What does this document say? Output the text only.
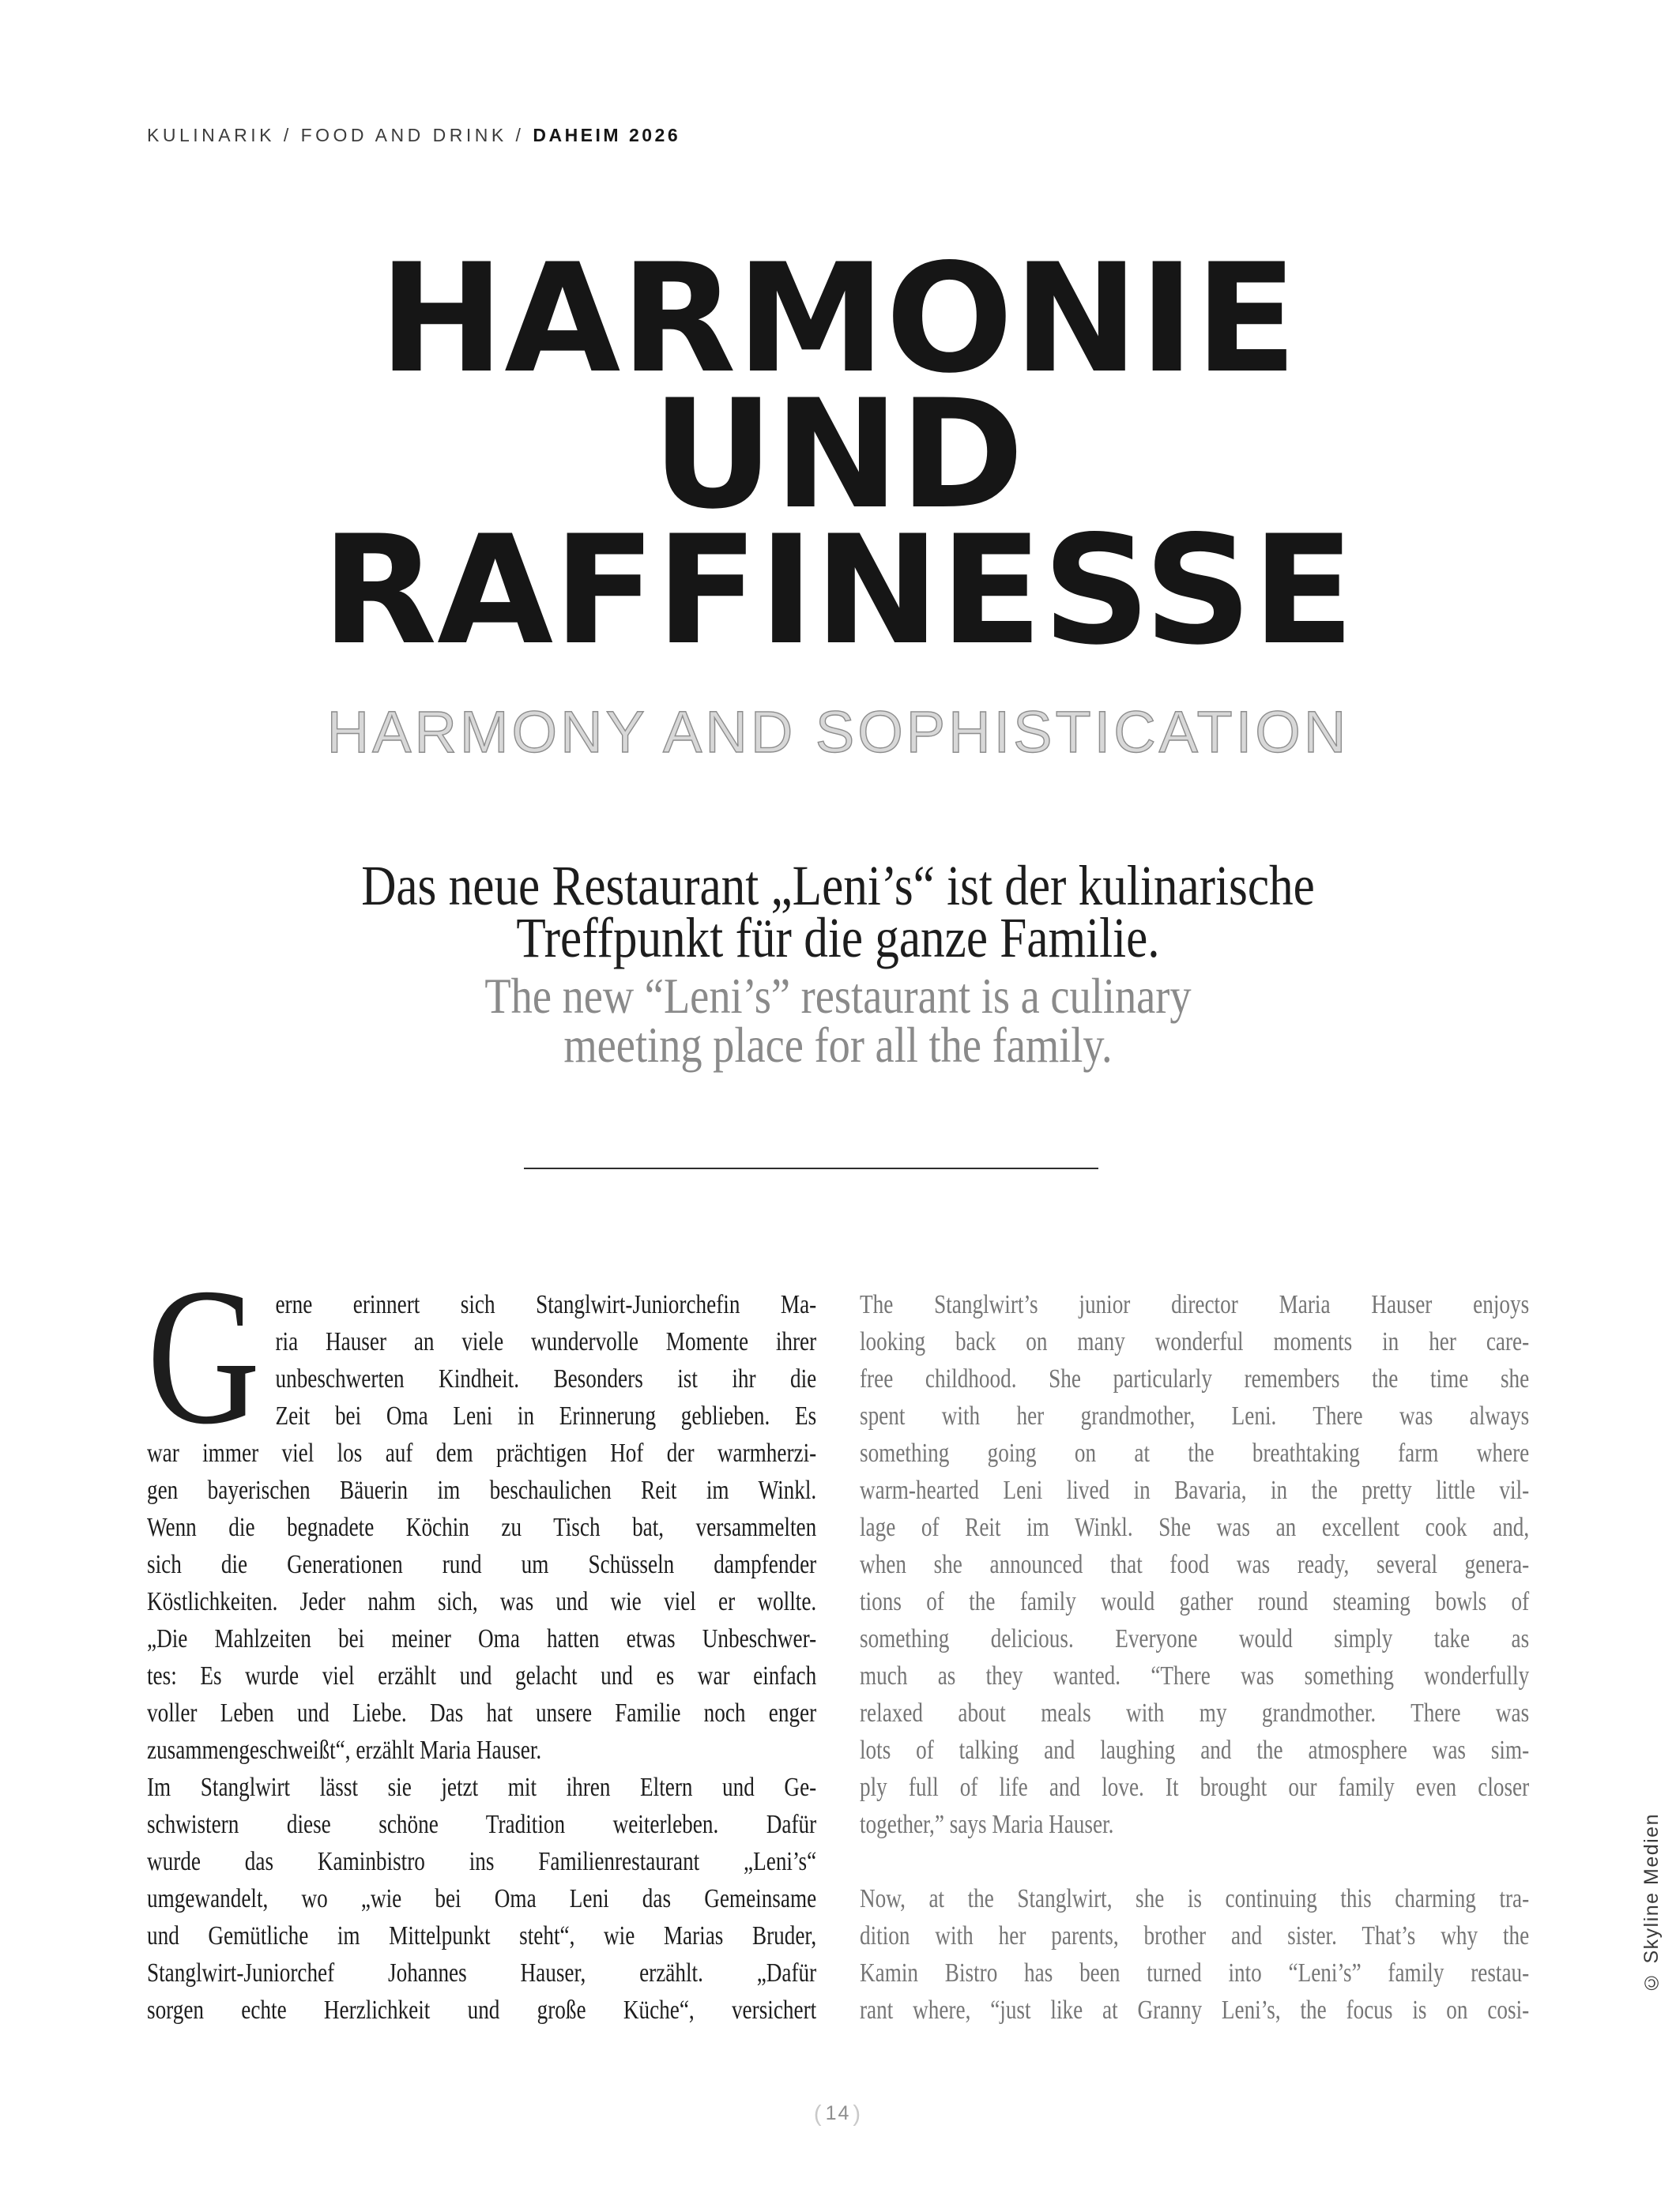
KULINARIK / FOOD AND DRINK / DAHEIM 2026
HARMONIE
UND
RAFFINESSE
HARMONY AND SOPHISTICATION

Das neue Restaurant „Leni’s“ ist der kulinarische
Treffpunkt für die ganze Familie.

The new “Leni’s” restaurant is a culinary
meeting place for all the family.

G erne erinnert sich Stanglwirt-Juniorchefin Ma-
ria Hauser an viele wundervolle Momente ihrer
unbeschwerten Kindheit. Besonders ist ihr die
Zeit bei Oma Leni in Erinnerung geblieben. Es
war immer viel los auf dem prächtigen Hof der warmherzi-
gen bayerischen Bäuerin im beschaulichen Reit im Winkl.
Wenn die begnadete Köchin zu Tisch bat, versammelten
sich die Generationen rund um Schüsseln dampfender
Köstlichkeiten. Jeder nahm sich, was und wie viel er wollte.
„Die Mahlzeiten bei meiner Oma hatten etwas Unbeschwer-
tes: Es wurde viel erzählt und gelacht und es war einfach
voller Leben und Liebe. Das hat unsere Familie noch enger
zusammengeschweißt“, erzählt Maria Hauser.
Im Stanglwirt lässt sie jetzt mit ihren Eltern und Ge-
schwistern diese schöne Tradition weiterleben. Dafür
wurde das Kaminbistro ins Familienrestaurant „Leni’s“
umgewandelt, wo „wie bei Oma Leni das Gemeinsame
und Gemütliche im Mittelpunkt steht“, wie Marias Bruder,
Stanglwirt-Juniorchef Johannes Hauser, erzählt. „Dafür
sorgen echte Herzlichkeit und große Küche“, versichert
The Stanglwirt’s junior director Maria Hauser enjoys
looking back on many wonderful moments in her care-
free childhood. She particularly remembers the time she
spent with her grandmother, Leni. There was always
something going on at the breathtaking farm where
warm-hearted Leni lived in Bavaria, in the pretty little vil-
lage of Reit im Winkl. She was an excellent cook and,
when she announced that food was ready, several genera-
tions of the family would gather round steaming bowls of
something delicious. Everyone would simply take as
much as they wanted. “There was something wonderfully
relaxed about meals with my grandmother. There was
lots of talking and laughing and the atmosphere was sim-
ply full of life and love. It brought our family even closer
together,” says Maria Hauser.
Now, at the Stanglwirt, she is continuing this charming tra-
dition with her parents, brother and sister. That’s why the
Kamin Bistro has been turned into “Leni’s” family restau-
rant where, “just like at Granny Leni’s, the focus is on cosi-
© Skyline Medien
( 14 )
